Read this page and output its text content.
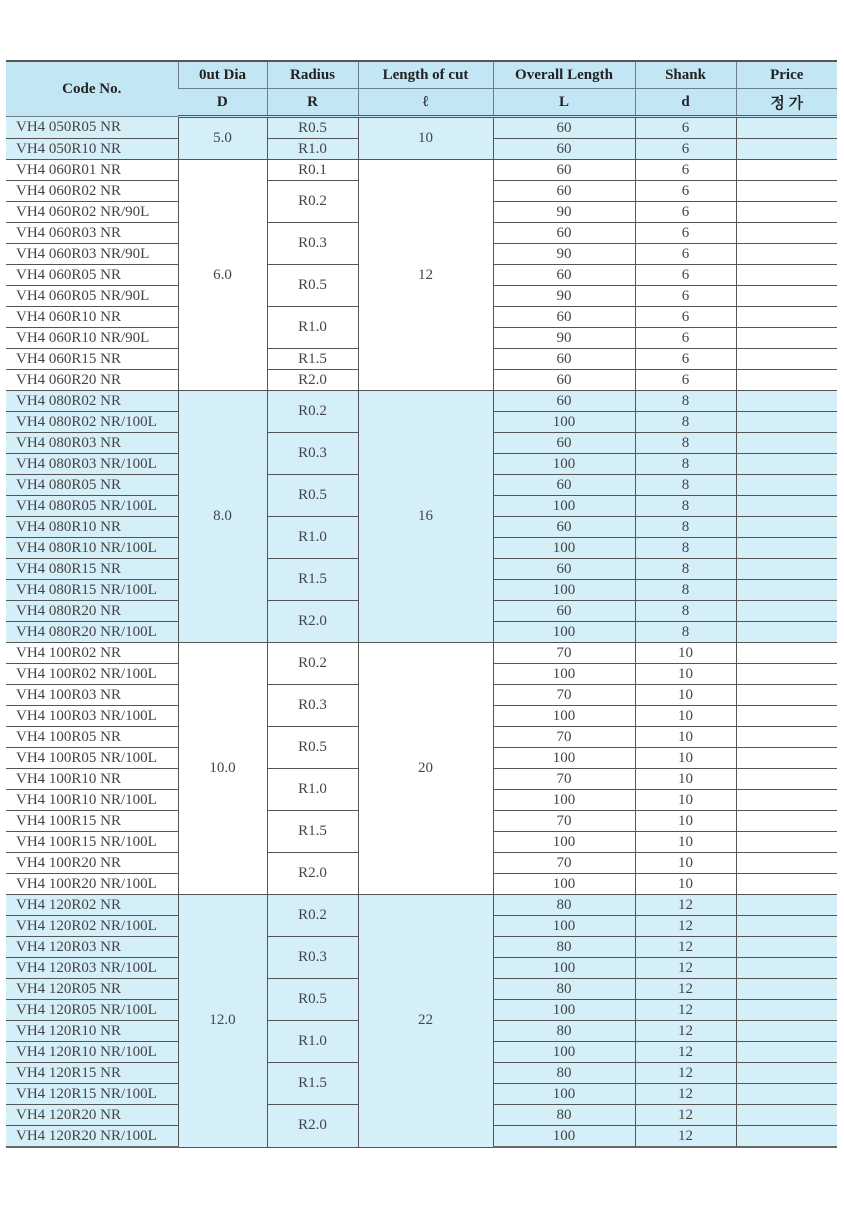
Code No.	0ut Dia	Radius	Length of cut	Overall Length	Shank	Price
	D	R	ℓ	L	d	정 가
VH4 050R05 NR	5.0	R0.5	10	60	6	
VH4 050R10 NR		R1.0		60	6	
VH4 060R01 NR	6.0	R0.1	12	60	6	
VH4 060R02 NR		R0.2		60	6	
VH4 060R02 NR/90L				90	6	
VH4 060R03 NR		R0.3		60	6	
VH4 060R03 NR/90L				90	6	
VH4 060R05 NR		R0.5		60	6	
VH4 060R05 NR/90L				90	6	
VH4 060R10 NR		R1.0		60	6	
VH4 060R10 NR/90L				90	6	
VH4 060R15 NR		R1.5		60	6	
VH4 060R20 NR		R2.0		60	6	
VH4 080R02 NR	8.0	R0.2	16	60	8	
VH4 080R02 NR/100L				100	8	
VH4 080R03 NR		R0.3		60	8	
VH4 080R03 NR/100L				100	8	
VH4 080R05 NR		R0.5		60	8	
VH4 080R05 NR/100L				100	8	
VH4 080R10 NR		R1.0		60	8	
VH4 080R10 NR/100L				100	8	
VH4 080R15 NR		R1.5		60	8	
VH4 080R15 NR/100L				100	8	
VH4 080R20 NR		R2.0		60	8	
VH4 080R20 NR/100L				100	8	
VH4 100R02 NR	10.0	R0.2	20	70	10	
VH4 100R02 NR/100L				100	10	
VH4 100R03 NR		R0.3		70	10	
VH4 100R03 NR/100L				100	10	
VH4 100R05 NR		R0.5		70	10	
VH4 100R05 NR/100L				100	10	
VH4 100R10 NR		R1.0		70	10	
VH4 100R10 NR/100L				100	10	
VH4 100R15 NR		R1.5		70	10	
VH4 100R15 NR/100L				100	10	
VH4 100R20 NR		R2.0		70	10	
VH4 100R20 NR/100L				100	10	
VH4 120R02 NR	12.0	R0.2	22	80	12	
VH4 120R02 NR/100L				100	12	
VH4 120R03 NR		R0.3		80	12	
VH4 120R03 NR/100L				100	12	
VH4 120R05 NR		R0.5		80	12	
VH4 120R05 NR/100L				100	12	
VH4 120R10 NR		R1.0		80	12	
VH4 120R10 NR/100L				100	12	
VH4 120R15 NR		R1.5		80	12	
VH4 120R15 NR/100L				100	12	
VH4 120R20 NR		R2.0		80	12	
VH4 120R20 NR/100L				100	12	
